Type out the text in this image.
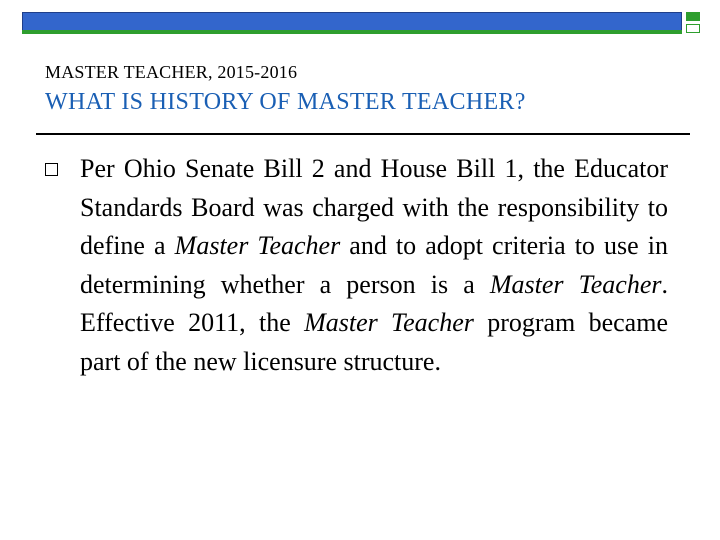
MASTER TEACHER, 2015-2016
WHAT IS HISTORY OF MASTER TEACHER?
Per Ohio Senate Bill 2 and House Bill 1, the Educator Standards Board was charged with the responsibility to define a Master Teacher and to adopt criteria to use in determining whether a person is a Master Teacher. Effective 2011, the Master Teacher program became part of the new licensure structure.
